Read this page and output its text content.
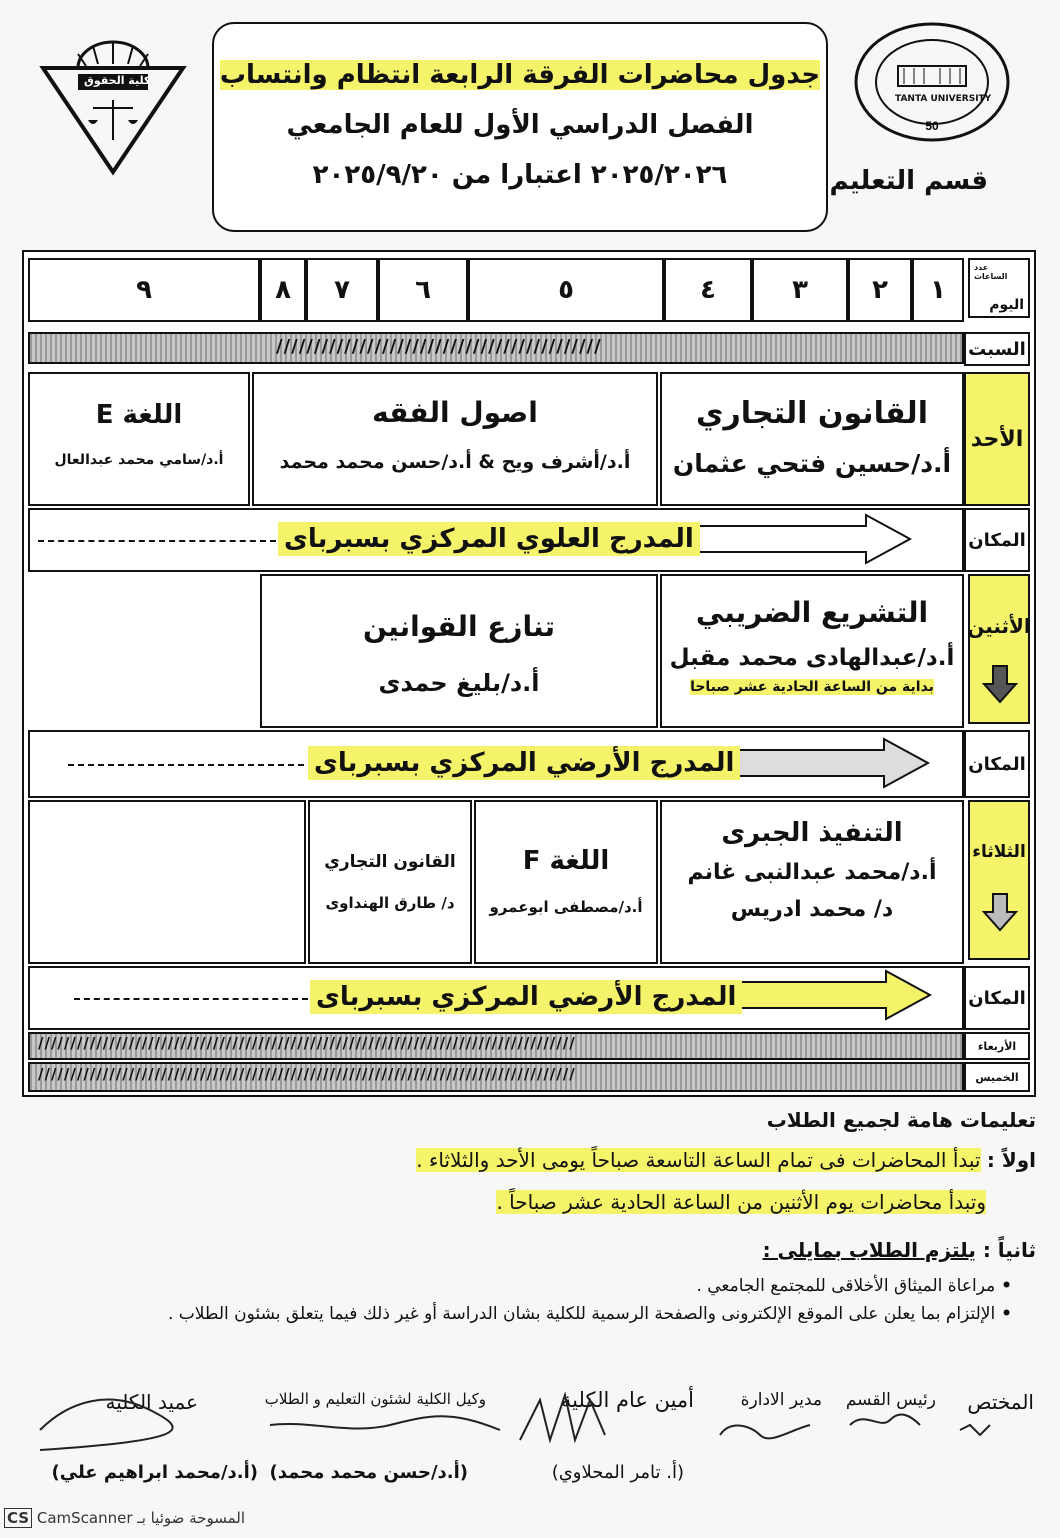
كلية الحقوق
50
TANTA UNIVERSITY
جدول محاضرات الفرقة الرابعة انتظام وانتساب
الفصل الدراسي الأول للعام الجامعي
٢٠٢٥/٢٠٢٦ اعتبارا من ٢٠٢٥/٩/٢٠	قسم التعليم
عدد الساعات
اليوم
١
٢
٣
٤
٥
٦
٧
٨
٩
السبت
///////////////////////////////////////////
الأحد
القانون التجاري
أ.د/حسين فتحي عثمان
اصول الفقه
أ.د/أشرف ويح & أ.د/حسن محمد محمد
اللغة E
أ.د/سامي محمد عبدالعال
المكان
المدرج العلوي المركزي بسبرباى
الأثنين
التشريع الضريبي
أ.د/عبدالهادى محمد مقبل
بداية من الساعة الحادية عشر صباحا
تنازع القوانين
أ.د/بليغ حمدى
المكان
المدرج الأرضي المركزي بسبرباى
الثلاثاء
التنفيذ الجبرى
أ.د/محمد عبدالنبى غانم
د/ محمد ادريس
اللغة F
أ.د/مصطفى ابوعمرو
القانون التجاري
د/ طارق الهنداوى
المكان
المدرج الأرضي المركزي بسبرباى
الأربعاء
///////////////////////////////////////////////////////////////////////////////////
الخميس
///////////////////////////////////////////////////////////////////////////////////
تعليمات هامة لجميع الطلاب
اولاً : تبدأ المحاضرات فى تمام الساعة التاسعة صباحاً يومى الأحد والثلاثاء .
وتبدأ محاضرات يوم الأثنين من الساعة الحادية عشر صباحاً .
ثانياً : يلتزم الطلاب بمايلى :
• مراعاة الميثاق الأخلاقى للمجتمع الجامعي .
• الإلتزام بما يعلن على الموقع الإلكترونى والصفحة الرسمية للكلية بشان الدراسة أو غير ذلك فيما يتعلق بشئون الطلاب .
المختص
رئيس القسم
مدير الادارة
أمين عام الكلية
(أ. تامر المحلاوي)
وكيل الكلية لشئون التعليم و الطلاب
(أ.د/حسن محمد محمد)
عميد الكلية
(أ.د/محمد ابراهيم علي)
CS CamScanner المسوحة ضوئيا بـ
